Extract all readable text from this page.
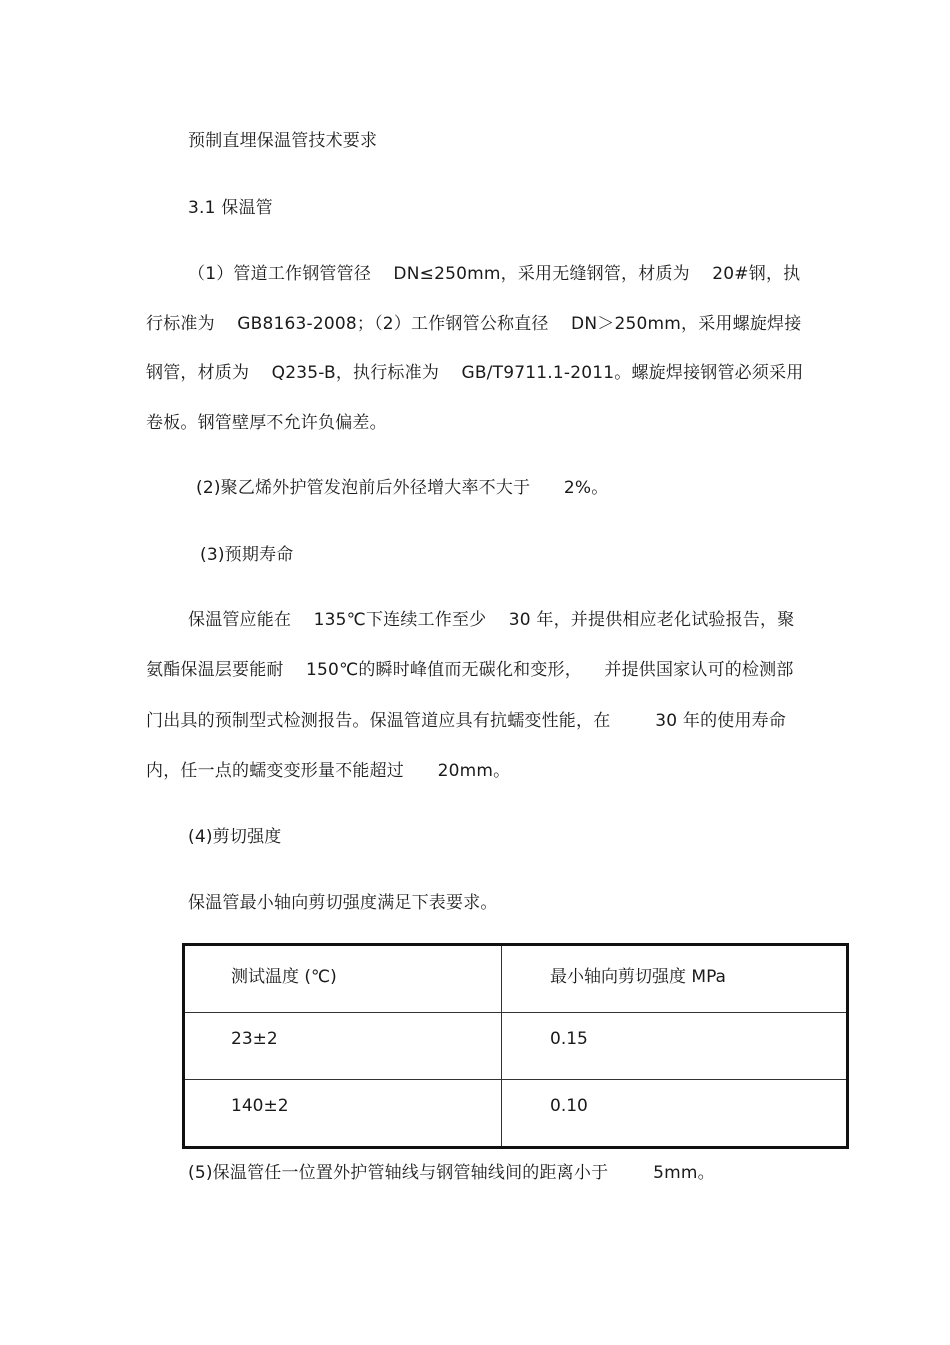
预制直埋保温管技术要求
3.1 保温管
（1）管道工作钢管管径    DN≤250mm，采用无缝钢管，材质为    20#钢，执
行标准为    GB8163-2008；（2）工作钢管公称直径    DN＞250mm，采用螺旋焊接
钢管，材质为    Q235-B，执行标准为    GB/T9711.1-2011。螺旋焊接钢管必须采用
卷板。钢管壁厚不允许负偏差。
(2)聚乙烯外护管发泡前后外径增大率不大于      2%。
(3)预期寿命
保温管应能在    135℃下连续工作至少    30 年，并提供相应老化试验报告，聚
氨酯保温层要能耐    150℃的瞬时峰值而无碳化和变形，    并提供国家认可的检测部
门出具的预制型式检测报告。保温管道应具有抗蠕变性能，在        30 年的使用寿命
内，任一点的蠕变变形量不能超过      20mm。
(4)剪切强度
保温管最小轴向剪切强度满足下表要求。
测试温度 (℃)	最小轴向剪切强度 MPa
23±2	0.15
140±2	0.10
(5)保温管任一位置外护管轴线与钢管轴线间的距离小于        5mm。
